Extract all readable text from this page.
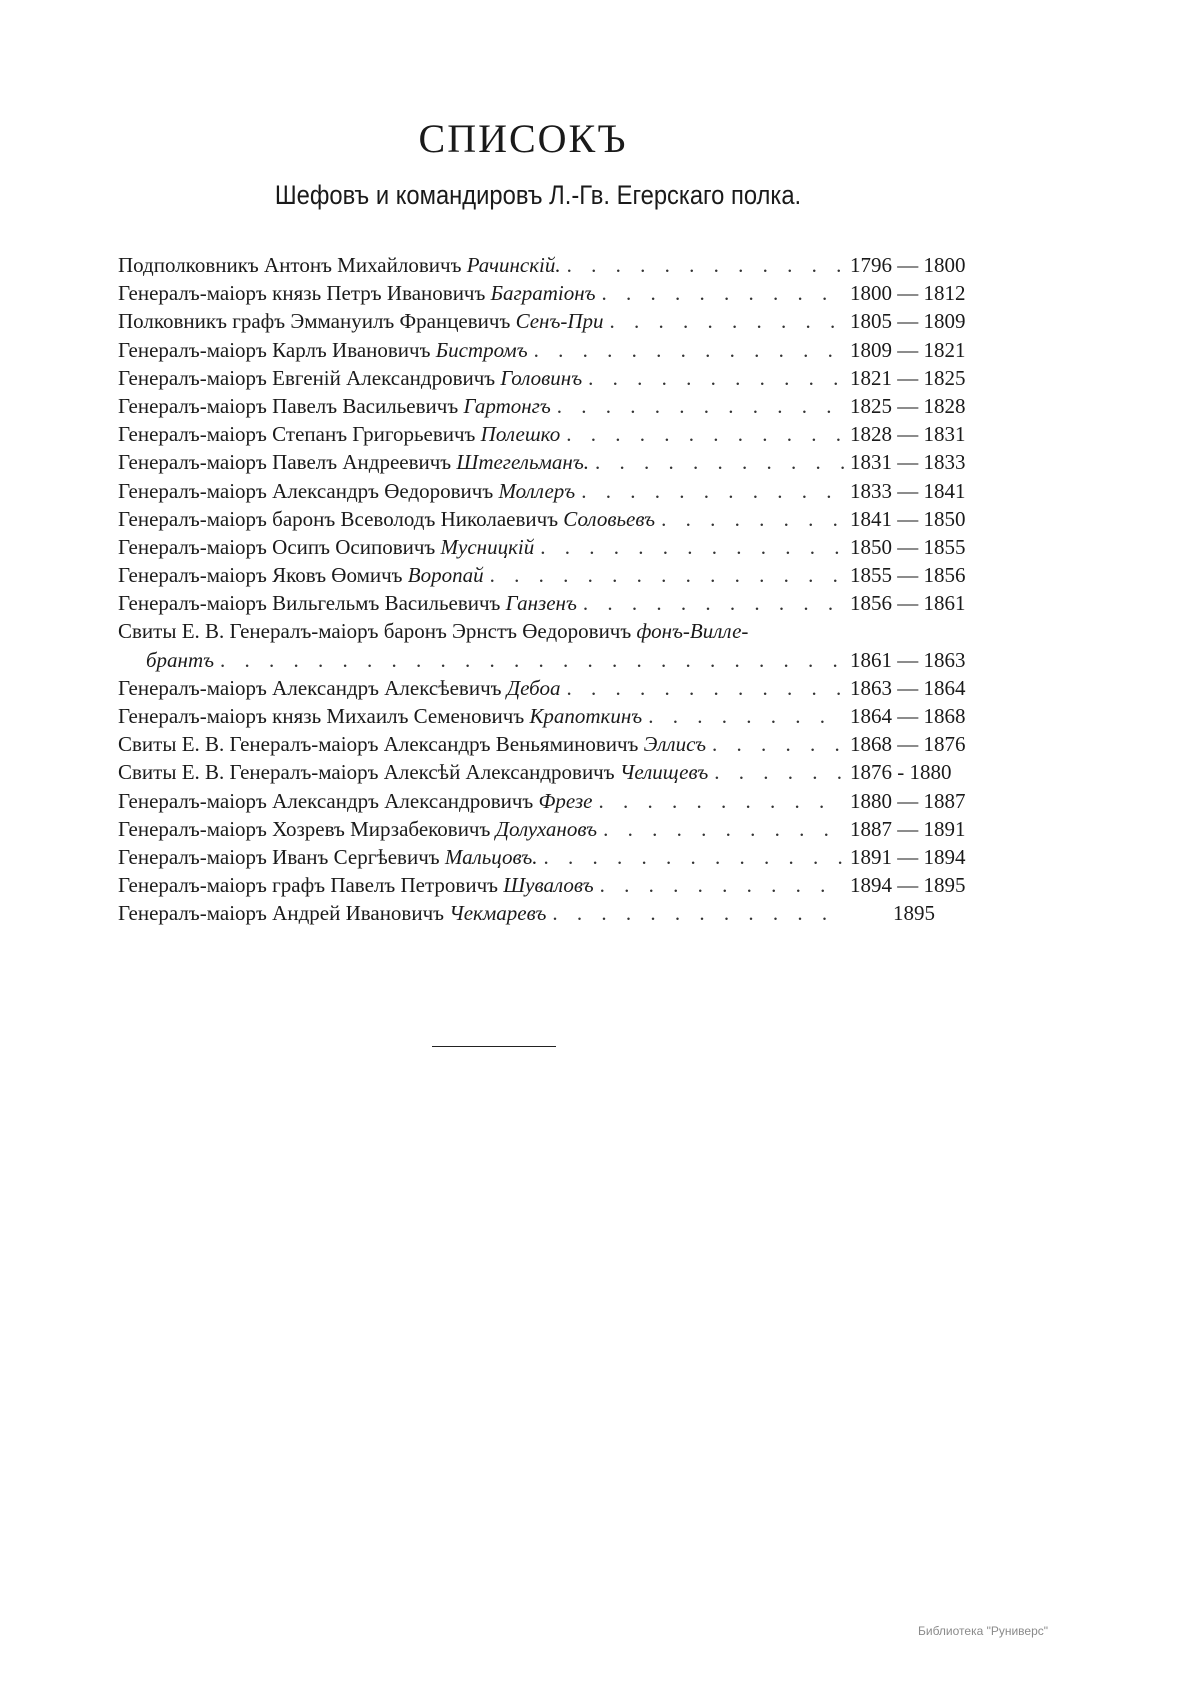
СПИСОКЪ
Шефовъ и командировъ Л.-Гв. Егерскаго полка.
Подполковникъ Антонъ Михайловичъ Рачинскій. . . .	1796 — 1800
Генералъ-маіоръ князь Петръ Ивановичъ Багратіонъ . . .	1800 — 1812
Полковникъ графъ Эммануилъ Францевичъ Сенъ-При . . .	1805 — 1809
Генералъ-маіоръ Карлъ Ивановичъ Бистромъ . . .	1809 — 1821
Генералъ-маіоръ Евгеній Александровичъ Головинъ . . .	1821 — 1825
Генералъ-маіоръ Павелъ Васильевичъ Гартонгъ . . .	1825 — 1828
Генералъ-маіоръ Степанъ Григорьевичъ Полешко . . .	1828 — 1831
Генералъ-маіоръ Павелъ Андреевичъ Штегельманъ. . . .	1831 — 1833
Генералъ-маіоръ Александръ Өедоровичъ Моллеръ . . .	1833 — 1841
Генералъ-маіоръ баронъ Всеволодъ Николаевичъ Соловьевъ . . .	1841 — 1850
Генералъ-маіоръ Осипъ Осиповичъ Мусницкій . . .	1850 — 1855
Генералъ-маіоръ Яковъ Өомичъ Воропай . . .	1855 — 1856
Генералъ-маіоръ Вильгельмъ Васильевичъ Ганзенъ . . .	1856 — 1861
Свиты Е. В. Генералъ-маіоръ баронъ Эрнстъ Өедоровичъ фонъ-Вилле-
брантъ . . .	1861 — 1863
Генералъ-маіоръ Александръ Алексѣевичъ Дебоа . . .	1863 — 1864
Генералъ-маіоръ князь Михаилъ Семеновичъ Крапоткинъ . . .	1864 — 1868
Свиты Е. В. Генералъ-маіоръ Александръ Веньяминовичъ Эллисъ . . .	1868 — 1876
Свиты Е. В. Генералъ-маіоръ Алексѣй Александровичъ Челищевъ . . .	1876 - 1880
Генералъ-маіоръ Александръ Александровичъ Фрезе . . .	1880 — 1887
Генералъ-маіоръ Хозревъ Мирзабековичъ Долухановъ . . .	1887 — 1891
Генералъ-маіоръ Иванъ Сергѣевичъ Мальцовъ. . . .	1891 — 1894
Генералъ-маіоръ графъ Павелъ Петровичъ Шуваловъ . . .	1894 — 1895
Генералъ-маіоръ Андрей Ивановичъ Чекмаревъ . . .	1895
Библиотека "Руниверс"
